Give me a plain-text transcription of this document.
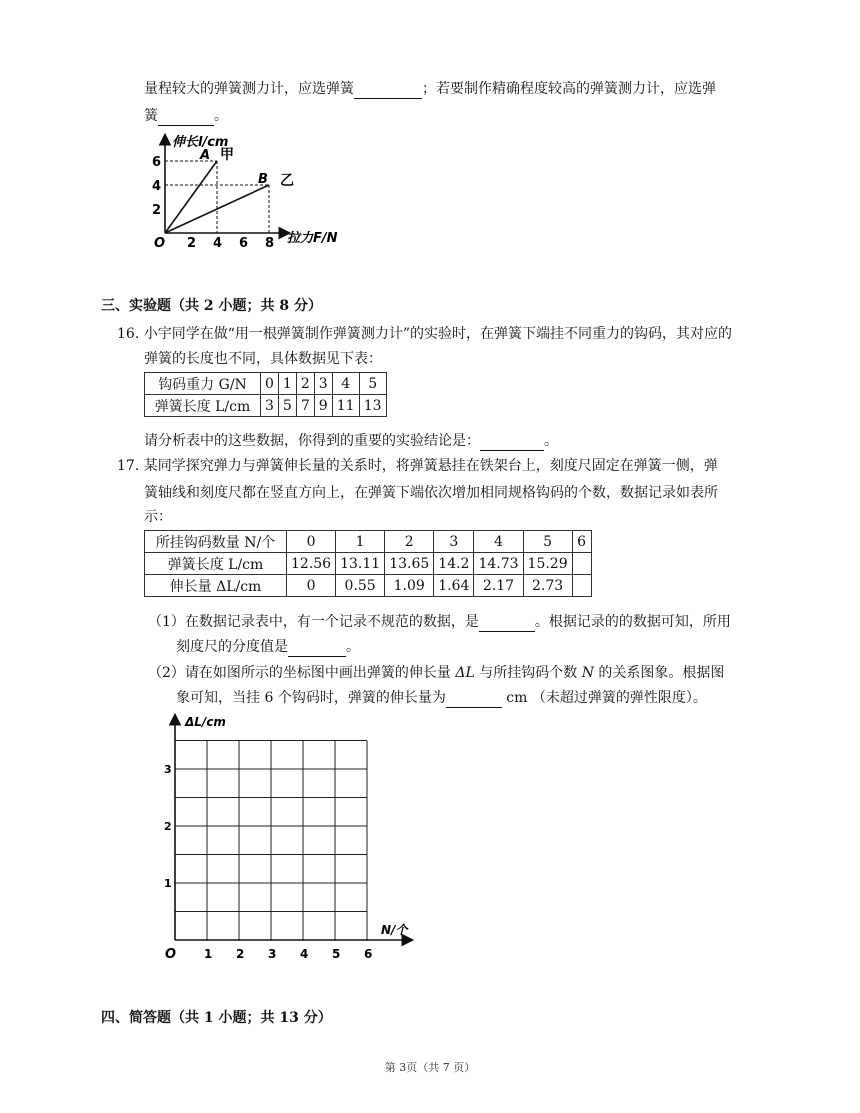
量程较大的弹簧测力计，应选弹簧	；若要制作精确程度较高的弹簧测力计，应选弹
簧	。
2
4
6
2 4 6 8
伸长l/cm
拉力F/N
O
A 甲
B 乙
三、实验题（共 2 小题；共 8 分）
16. 小宇同学在做“用一根弹簧制作弹簧测力计”的实验时，在弹簧下端挂不同重力的钩码，其对应的
弹簧的长度也不同，具体数据见下表：
钩码重力 G/N	0	1	2	3	4	5
弹簧长度 L/cm	3	5	7	9	11	13
请分析表中的这些数据，你得到的重要的实验结论是：	。
17. 某同学探究弹力与弹簧伸长量的关系时，将弹簧悬挂在铁架台上，刻度尺固定在弹簧一侧，弹
簧轴线和刻度尺都在竖直方向上，在弹簧下端依次增加相同规格钩码的个数，数据记录如表所
示：
所挂钩码数量 N/个	0	1	2	3	4	5	6
弹簧长度 L/cm	12.56	13.11	13.65	14.2	14.73	15.29	
伸长量 ΔL/cm	0	0.55	1.09	1.64	2.17	2.73	
（1）在数据记录表中，有一个记录不规范的数据，是	。根据记录的的数据可知，所用
刻度尺的分度值是	。
（2）请在如图所示的坐标图中画出弹簧的伸长量 ΔL 与所挂钩码个数 N 的关系图象。根据图
象可知，当挂 6 个钩码时，弹簧的伸长量为	cm （未超过弹簧的弹性限度）。
1 2 3 4 5 6
1
2
3
ΔL/cm
N/个
O
四、简答题（共 1 小题；共 13 分）
第 3页（共 7 页）
